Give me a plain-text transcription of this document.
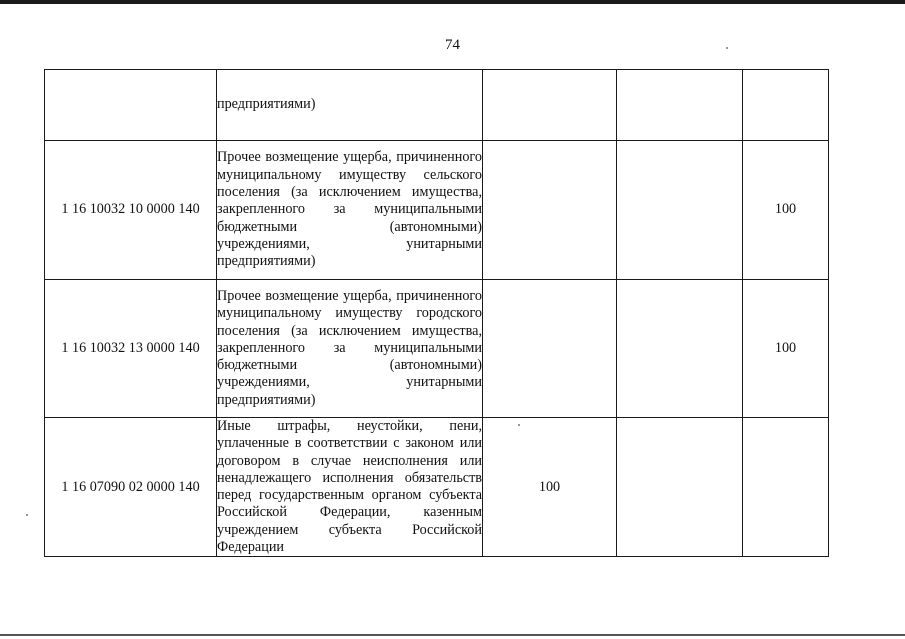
74
	предприятиями)			
1 16 10032 10 0000 140	Прочее возмещение ущерба, причиненного муниципальному имуществу сельского поселения (за исключением имущества, закрепленного за муниципальными бюджетными (автономными) учреждениями, унитарными предприятиями)			100
1 16 10032 13 0000 140	Прочее возмещение ущерба, причиненного муниципальному имуществу городского поселения (за исключением имущества, закрепленного за муниципальными бюджетными (автономными) учреждениями, унитарными предприятиями)			100
1 16 07090 02 0000 140	Иные штрафы, неустойки, пени, уплаченные в соответствии с законом или договором в случае неисполнения или ненадлежащего исполнения обязательств перед государственным органом субъекта Российской Федерации, казенным учреждением субъекта Российской Федерации	100		
